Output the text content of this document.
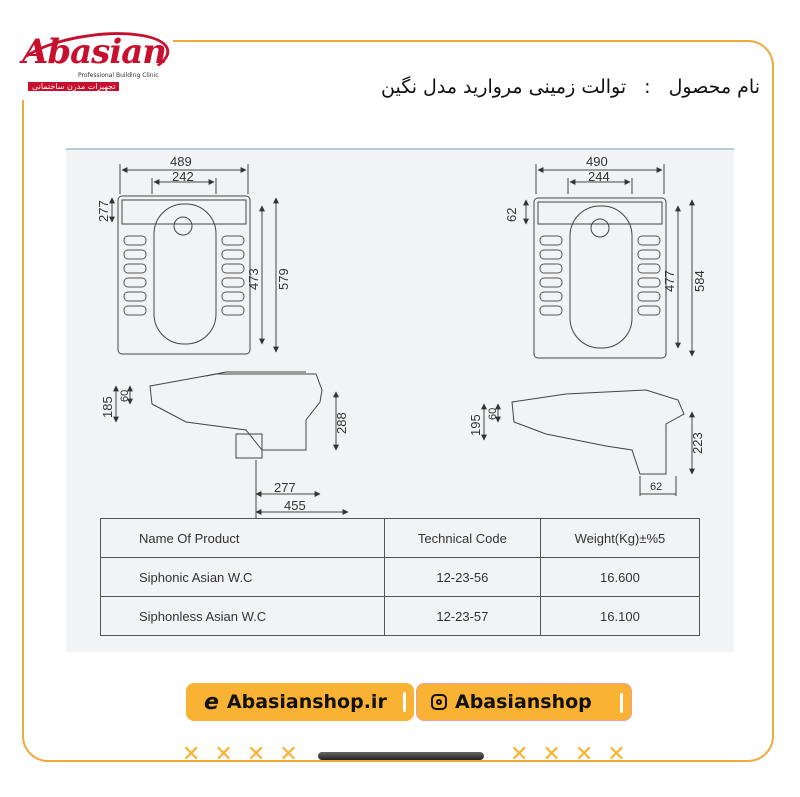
Abasian
Professional Building Clinic
تجهیزات مدرن ساختمانی	نام محصول
:
توالت زمینی مروارید مدل نگین
489
242
277
473 579
490
244
62
477 584
185
60
288
277
455
195
60
223
62
Name Of Product	Technical Code	Weight(Kg)±%5
Siphonic Asian W.C	12-23-56	16.600
Siphonless Asian W.C	12-23-57	16.100
e Abasianshop.ir	Abasianshop
✕✕✕✕	✕✕✕✕
